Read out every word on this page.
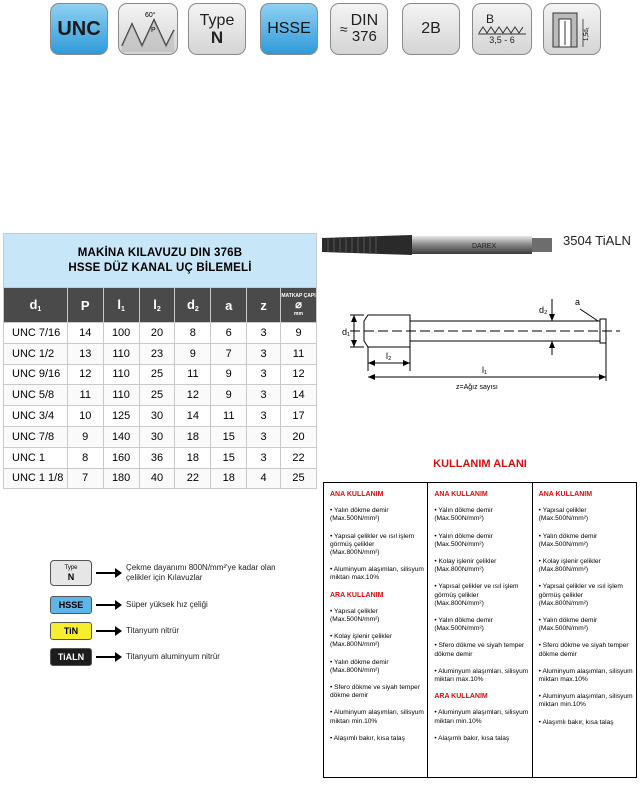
UNC
60°
P
Type
N	HSSE ≈ DIN
376	2B
B
3,5 - 6	1,5d₁
DAREX	3504 TiALN
d₁
d₂
l₂
l₁
a
z=Ağız sayısı
MAKİNA KILAVUZU DIN 376B
HSSE DÜZ KANAL UÇ BİLEMELİ							

$d_1$	P	$l_1$	$l_2$	$d_2$	a	z	MATKAP ÇAPI
⌀
mm

UNC 7/16	14	100	20	8	6	3	9
UNC 1/2	13	110	23	9	7	3	11
UNC 9/16	12	110	25	11	9	3	12
UNC 5/8	11	110	25	12	9	3	14
UNC 3/4	10	125	30	14	11	3	17
UNC 7/8	9	140	30	18	15	3	20
UNC 1	8	160	36	18	15	3	22
UNC 1 1/8	7	180	40	22	18	4	25
Type
N
Çekme dayanımı 800N/mm²'ye kadar olan çelikler için Kılavuzlar
HSSE	Süper yüksek hız çeliği
TiN	Titanyum nitrür
TiALN	Titanyum aluminyum nitrür
KULLANIM ALANI
ANA KULLANIM
• Yalın dökme demir (Max.500N/mm²)
• Yapısal çelikler ve ısıl işlem görmüş çelikler (Max.800N/mm²)
• Aluminyum alaşımları, silisyum miktarı max.10%
ARA KULLANIM
• Yapısal çelikler (Max.500N/mm²)
• Kolay işlenir çelikler (Max.800N/mm²)
• Yalın dökme demir (Max.800N/mm²)
• Sfero dökme ve siyah temper dökme demir
• Aluminyum alaşımları, silisyum miktarı min.10%
• Alaşımlı bakır, kısa talaş
ANA KULLANIM
• Yalın dökme demir (Max.500N/mm²)
• Yalın dökme demir (Max.500N/mm²)
• Kolay işlenir çelikler (Max.800N/mm²)
• Yapısal çelikler ve ısıl işlem görmüş çelikler (Max.800N/mm²)
• Yalın dökme demir (Max.500N/mm²)
• Sfero dökme ve siyah temper dökme demir
• Aluminyum alaşımları, silisyum miktarı max.10%
ARA KULLANIM
• Aluminyum alaşımları, silisyum miktarı min.10%
• Alaşımlı bakır, kısa talaş
ANA KULLANIM
• Yapısal çelikler (Max.500N/mm²)
• Yalın dökme demir (Max.500N/mm²)
• Kolay işlenir çelikler (Max.800N/mm²)
• Yapısal çelikler ve ısıl işlem görmüş çelikler (Max.800N/mm²)
• Yalın dökme demir (Max.500N/mm²)
• Sfero dökme ve siyah temper dökme demir
• Aluminyum alaşımları, silisyum miktarı max.10%
• Aluminyum alaşımları, silisyum miktarı min.10%
• Alaşımlı bakır, kısa talaş
